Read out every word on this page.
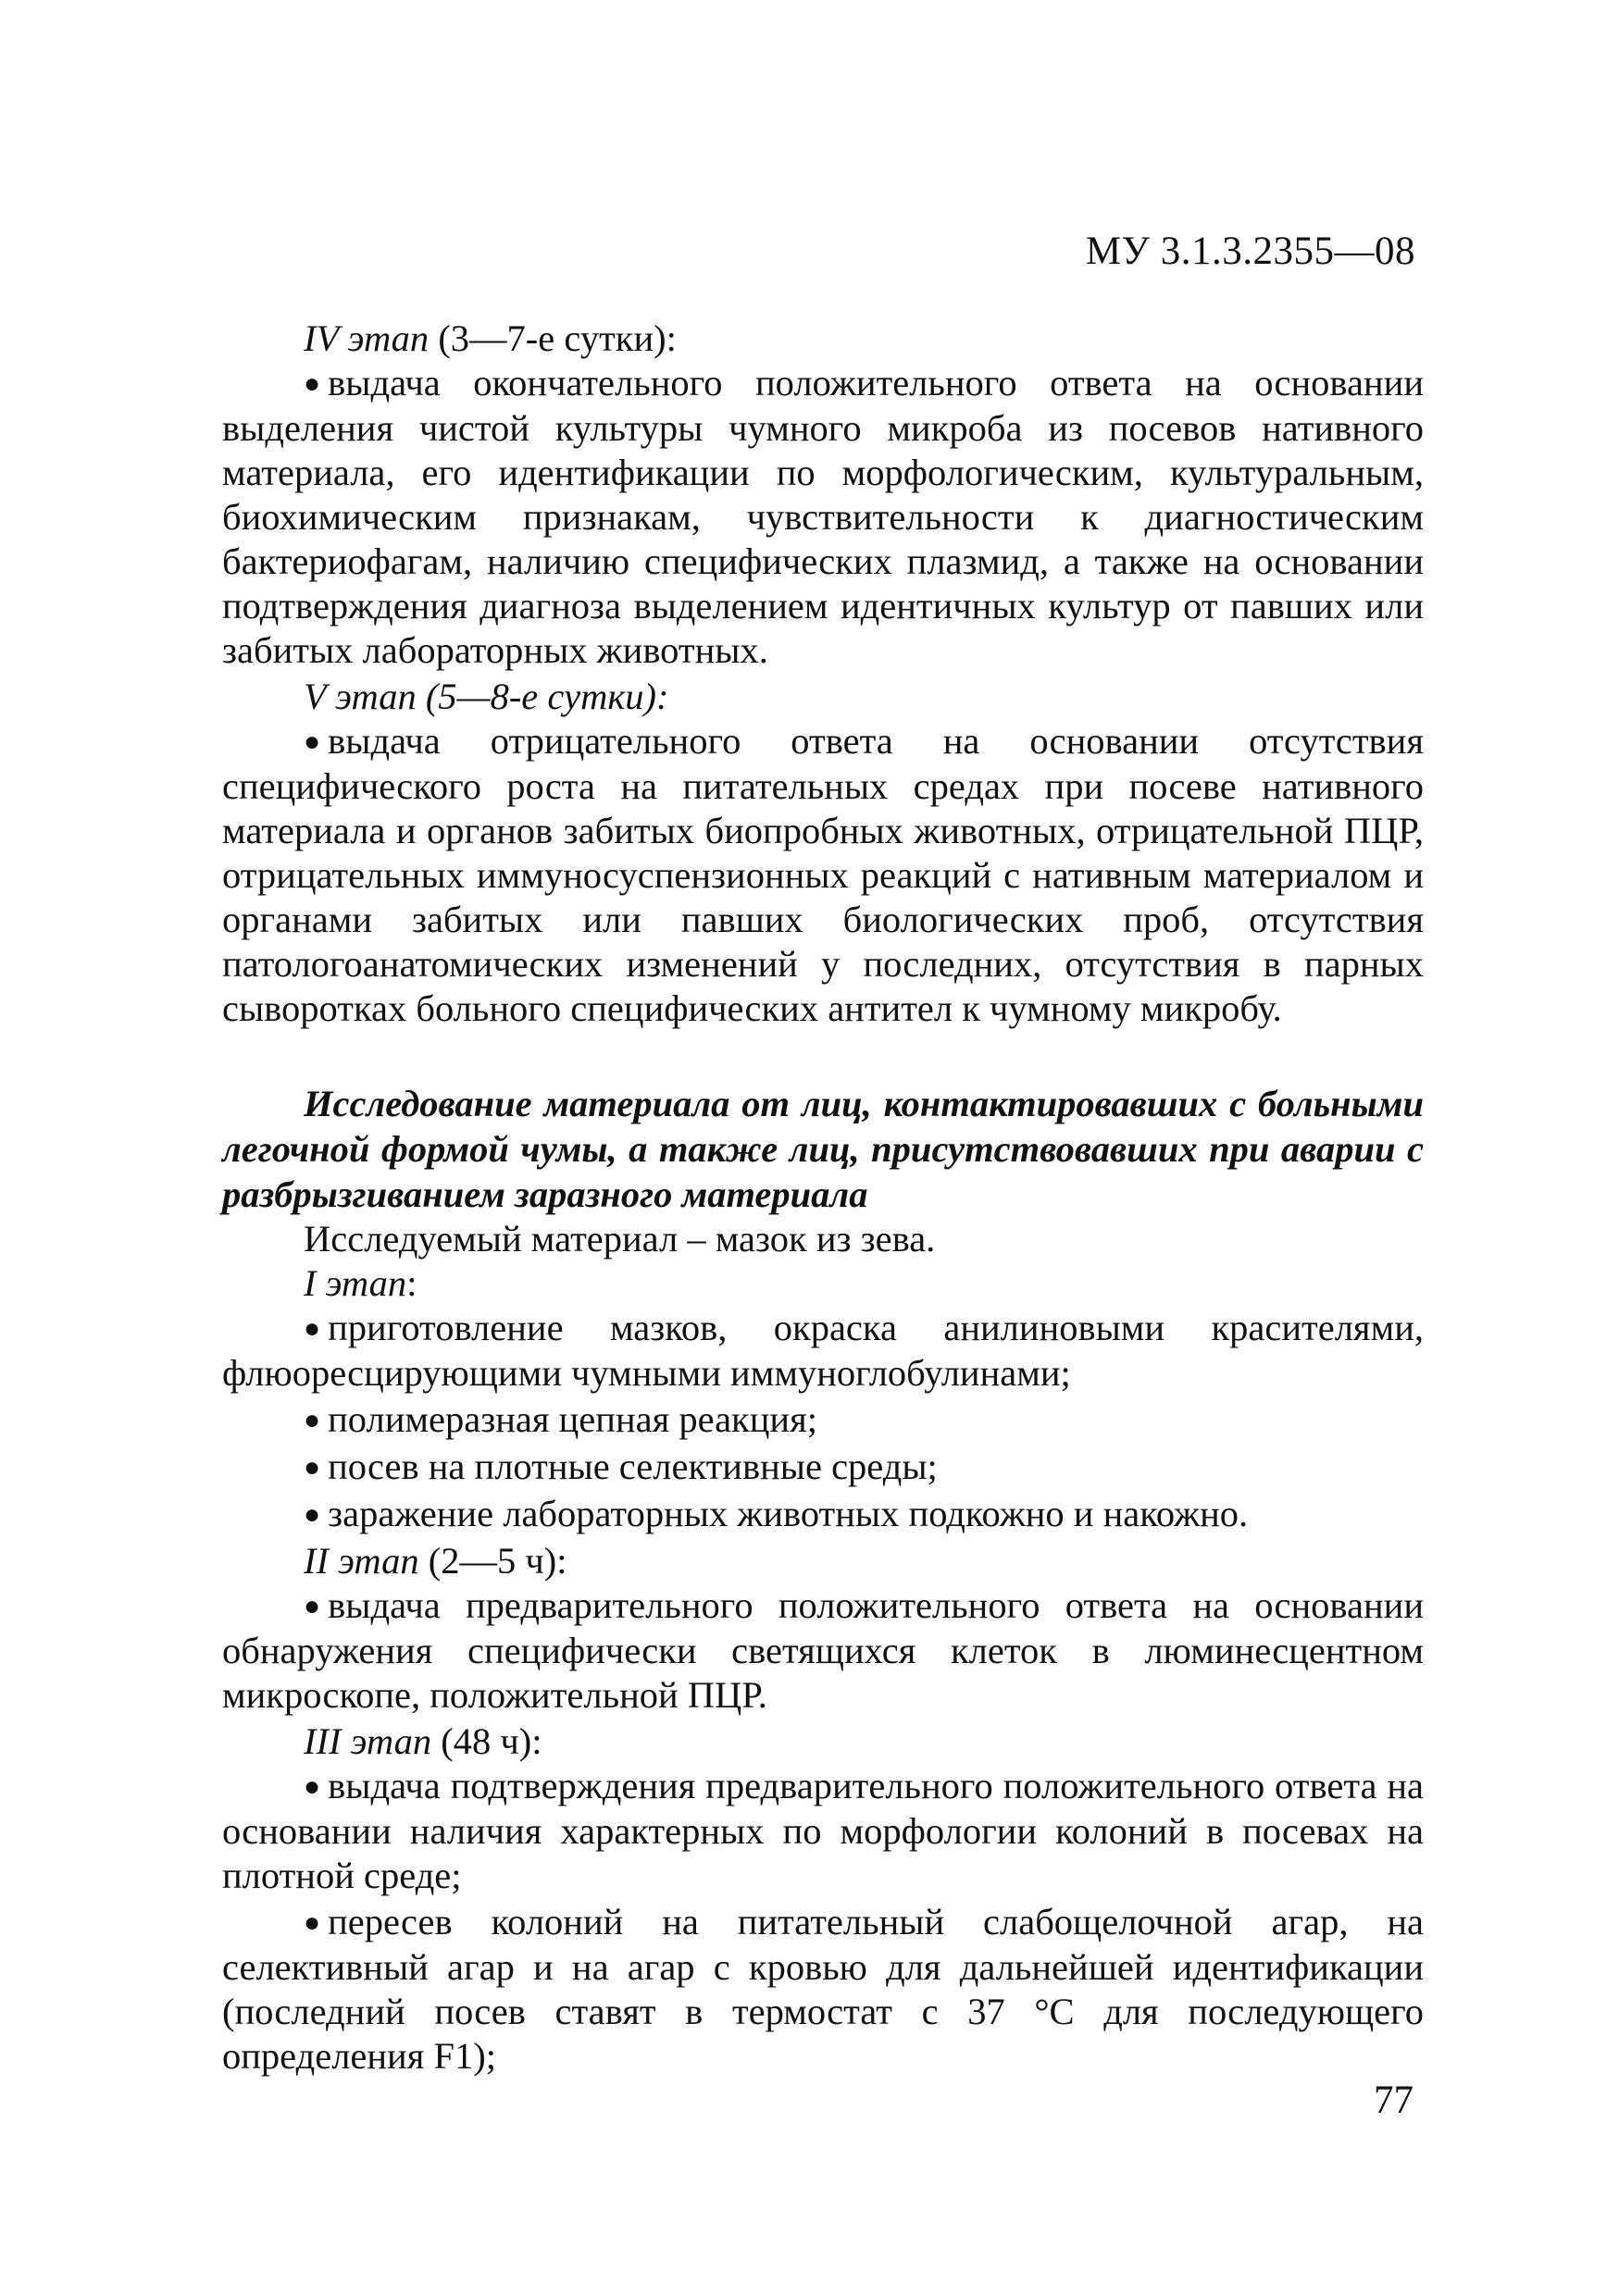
МУ 3.1.3.2355—08

IV этап (3—7-е сутки):

● выдача окончательного положительного ответа на основании выделения чистой культуры чумного микроба из посевов нативного материала, его идентификации по морфологическим, культуральным, биохимическим признакам, чувствительности к диагностическим бактериофагам, наличию специфических плазмид, а также на основании подтверждения диагноза выделением идентичных культур от павших или забитых лабораторных животных.

V этап (5—8-е сутки):

● выдача отрицательного ответа на основании отсутствия специфического роста на питательных средах при посеве нативного материала и органов забитых биопробных животных, отрицательной ПЦР, отрицательных иммуносуспензионных реакций с нативным материалом и органами забитых или павших биологических проб, отсутствия патологоанатомических изменений у последних, отсутствия в парных сыворотках больного специфических антител к чумному микробу.

Исследование материала от лиц, контактировавших с больными легочной формой чумы, а также лиц, присутствовавших при аварии с разбрызгиванием заразного материала

Исследуемый материал – мазок из зева.

I этап:

● приготовление мазков, окраска анилиновыми красителями, флюоресцирующими чумными иммуноглобулинами;

● полимеразная цепная реакция;

● посев на плотные селективные среды;

● заражение лабораторных животных подкожно и накожно.

II этап (2—5 ч):

● выдача предварительного положительного ответа на основании обнаружения специфически светящихся клеток в люминесцентном микроскопе, положительной ПЦР.

III этап (48 ч):

● выдача подтверждения предварительного положительного ответа на основании наличия характерных по морфологии колоний в посевах на плотной среде;

● пересев колоний на питательный слабощелочной агар, на селективный агар и на агар с кровью для дальнейшей идентификации (последний посев ставят в термостат с 37 °С для последующего определения F1);

77
